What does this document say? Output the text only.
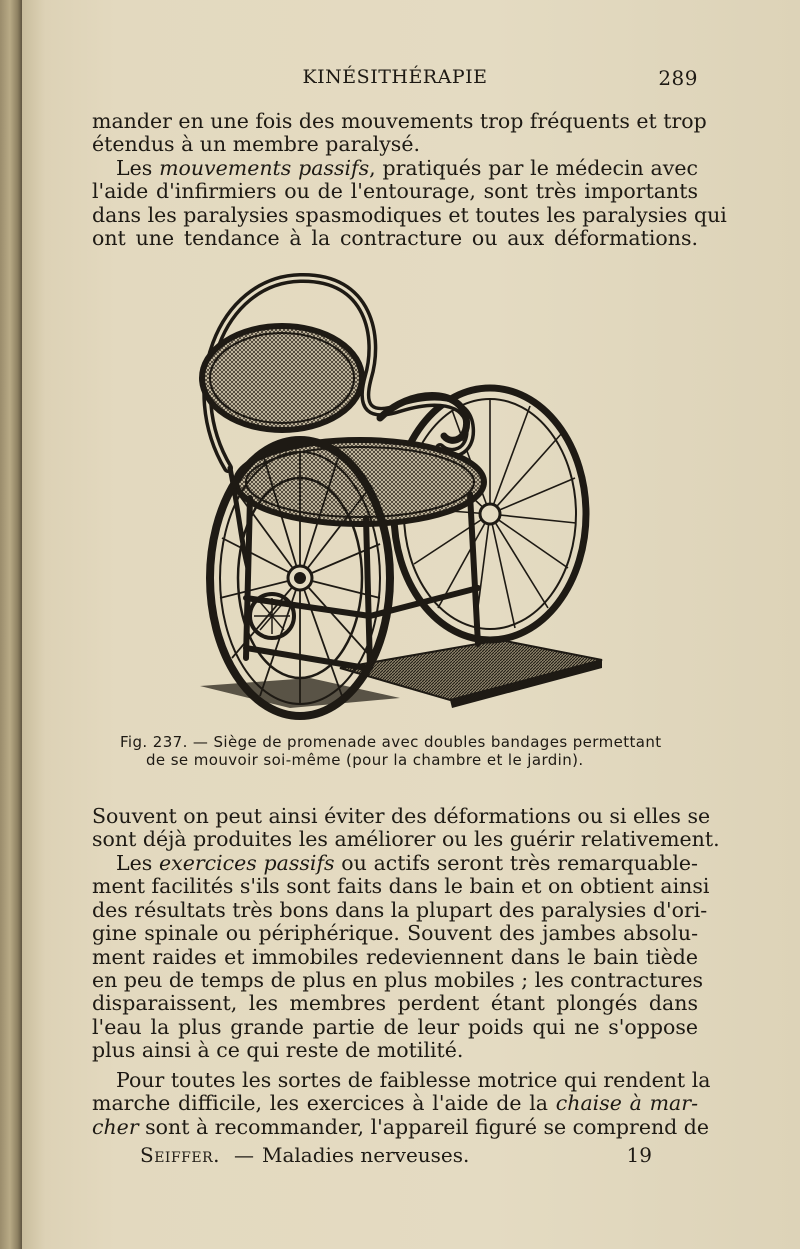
KINÉSITHÉRAPIE	289

mander en une fois des mouvements trop fréquents et trop
étendus à un membre paralysé.

Les mouvements passifs, pratiqués par le médecin avec
l'aide d'infirmiers ou de l'entourage, sont très importants
dans les paralysies spasmodiques et toutes les paralysies qui
ont une tendance à la contracture ou aux déformations.

Fig. 237. — Siège de promenade avec doubles bandages permettant
de se mouvoir soi-même (pour la chambre et le jardin).

Souvent on peut ainsi éviter des déformations ou si elles se
sont déjà produites les améliorer ou les guérir relativement.

Les exercices passifs ou actifs seront très remarquable-
ment facilités s'ils sont faits dans le bain et on obtient ainsi
des résultats très bons dans la plupart des paralysies d'ori-
gine spinale ou périphérique. Souvent des jambes absolu-
ment raides et immobiles redeviennent dans le bain tiède
en peu de temps de plus en plus mobiles ; les contractures
disparaissent, les membres perdent étant plongés dans
l'eau la plus grande partie de leur poids qui ne s'oppose
plus ainsi à ce qui reste de motilité.

Pour toutes les sortes de faiblesse motrice qui rendent la
marche difficile, les exercices à l'aide de la chaise à mar-
cher sont à recommander, l'appareil figuré se comprend de

Seiffer. — Maladies nerveuses.	19
